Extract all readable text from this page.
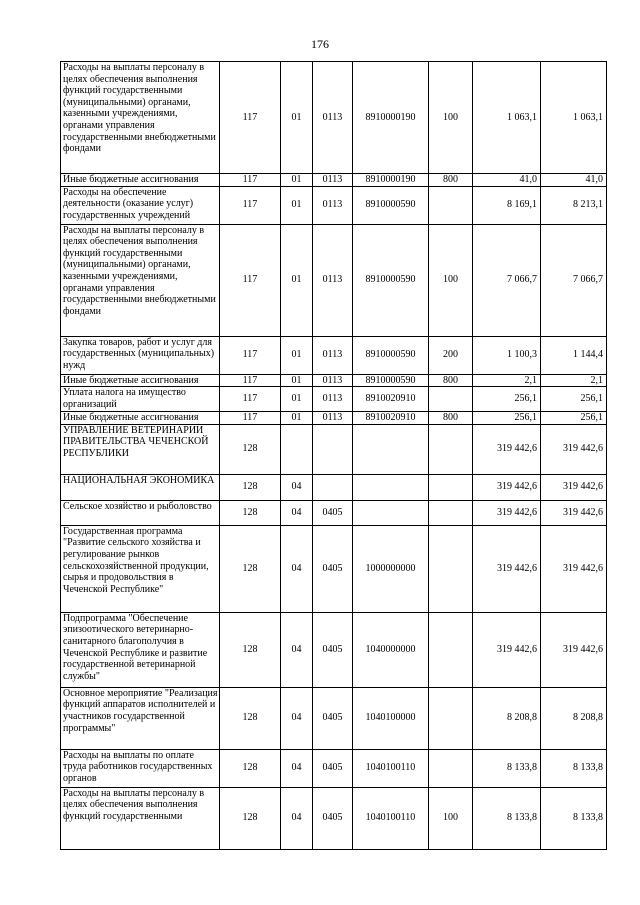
176
Расходы на выплаты персоналу в целях обеспечения выполнения функций государственными (муниципальными) органами, казенными учреждениями, органами управления государственными внебюджетными фондами	117	01	0113	8910000190	100	1 063,1	1 063,1
Иные бюджетные ассигнования	117	01	0113	8910000190	800	41,0	41,0
Расходы на обеспечение деятельности (оказание услуг) государственных учреждений	117	01	0113	8910000590		8 169,1	8 213,1
Расходы на выплаты персоналу в целях обеспечения выполнения функций государственными (муниципальными) органами, казенными учреждениями, органами управления государственными внебюджетными фондами	117	01	0113	8910000590	100	7 066,7	7 066,7
Закупка товаров, работ и услуг для государственных (муниципальных) нужд	117	01	0113	8910000590	200	1 100,3	1 144,4
Иные бюджетные ассигнования	117	01	0113	8910000590	800	2,1	2,1
Уплата налога на имущество организаций	117	01	0113	8910020910		256,1	256,1
Иные бюджетные ассигнования	117	01	0113	8910020910	800	256,1	256,1
УПРАВЛЕНИЕ ВЕТЕРИНАРИИ ПРАВИТЕЛЬСТВА ЧЕЧЕНСКОЙ РЕСПУБЛИКИ	128					319 442,6	319 442,6
НАЦИОНАЛЬНАЯ ЭКОНОМИКА	128	04				319 442,6	319 442,6
Сельское хозяйство и рыболовство	128	04	0405			319 442,6	319 442,6
Государственная программа "Развитие сельского хозяйства и регулирование рынков сельскохозяйственной продукции, сырья и продовольствия в Чеченской Республике"	128	04	0405	1000000000		319 442,6	319 442,6
Подпрограмма "Обеспечение эпизоотического ветеринарно-санитарного благополучия в Чеченской Республике и развитие государственной ветеринарной службы"	128	04	0405	1040000000		319 442,6	319 442,6
Основное мероприятие "Реализация функций аппаратов исполнителей и участников государственной программы"	128	04	0405	1040100000		8 208,8	8 208,8
Расходы на выплаты по оплате труда работников государственных органов	128	04	0405	1040100110		8 133,8	8 133,8
Расходы на выплаты персоналу в целях обеспечения выполнения функций государственными	128	04	0405	1040100110	100	8 133,8	8 133,8
